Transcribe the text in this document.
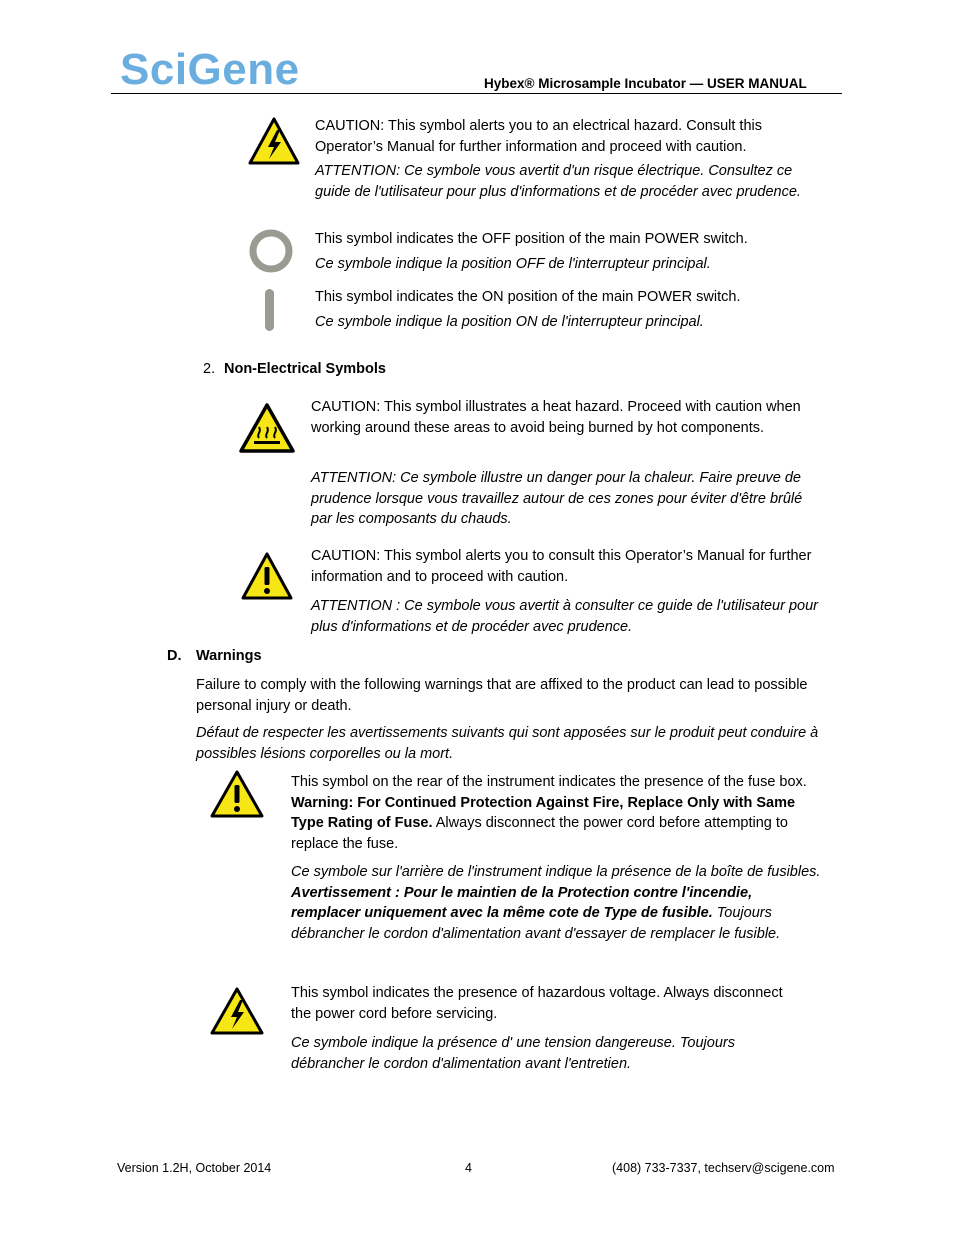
SciGene	Hybex® Microsample Incubator — USER MANUAL
CAUTION: This symbol alerts you to an electrical hazard. Consult this Operator’s Manual for further information and proceed with caution.
ATTENTION: Ce symbole vous avertit d'un risque électrique. Consultez ce guide de l'utilisateur pour plus d'informations et de procéder avec prudence.
This symbol indicates the OFF position of the main POWER switch.
Ce symbole indique la position OFF de l'interrupteur principal.
This symbol indicates the ON position of the main POWER switch.
Ce symbole indique la position ON de l'interrupteur principal.
2. Non-Electrical Symbols
CAUTION: This symbol illustrates a heat hazard. Proceed with caution when working around these areas to avoid being burned by hot components.
ATTENTION: Ce symbole illustre un danger pour la chaleur. Faire preuve de prudence lorsque vous travaillez autour de ces zones pour éviter d'être brûlé par les composants du chauds.
CAUTION: This symbol alerts you to consult this Operator’s Manual for further information and to proceed with caution.
ATTENTION : Ce symbole vous avertit à consulter ce guide de l'utilisateur pour plus d'informations et de procéder avec prudence.
D. Warnings
Failure to comply with the following warnings that are affixed to the product can lead to possible personal injury or death.
Défaut de respecter les avertissements suivants qui sont apposées sur le produit peut conduire à possibles lésions corporelles ou la mort.
This symbol on the rear of the instrument indicates the presence of the fuse box. Warning: For Continued Protection Against Fire, Replace Only with Same Type Rating of Fuse. Always disconnect the power cord before attempting to replace the fuse.
Ce symbole sur l'arrière de l'instrument indique la présence de la boîte de fusibles. Avertissement : Pour le maintien de la Protection contre l'incendie, remplacer uniquement avec la même cote de Type de fusible. Toujours débrancher le cordon d'alimentation avant d'essayer de remplacer le fusible.
This symbol indicates the presence of hazardous voltage. Always disconnect the power cord before servicing.
Ce symbole indique la présence d' une tension dangereuse. Toujours débrancher le cordon d'alimentation avant l'entretien.
Version 1.2H, October 2014	4	(408) 733-7337, techserv@scigene.com
